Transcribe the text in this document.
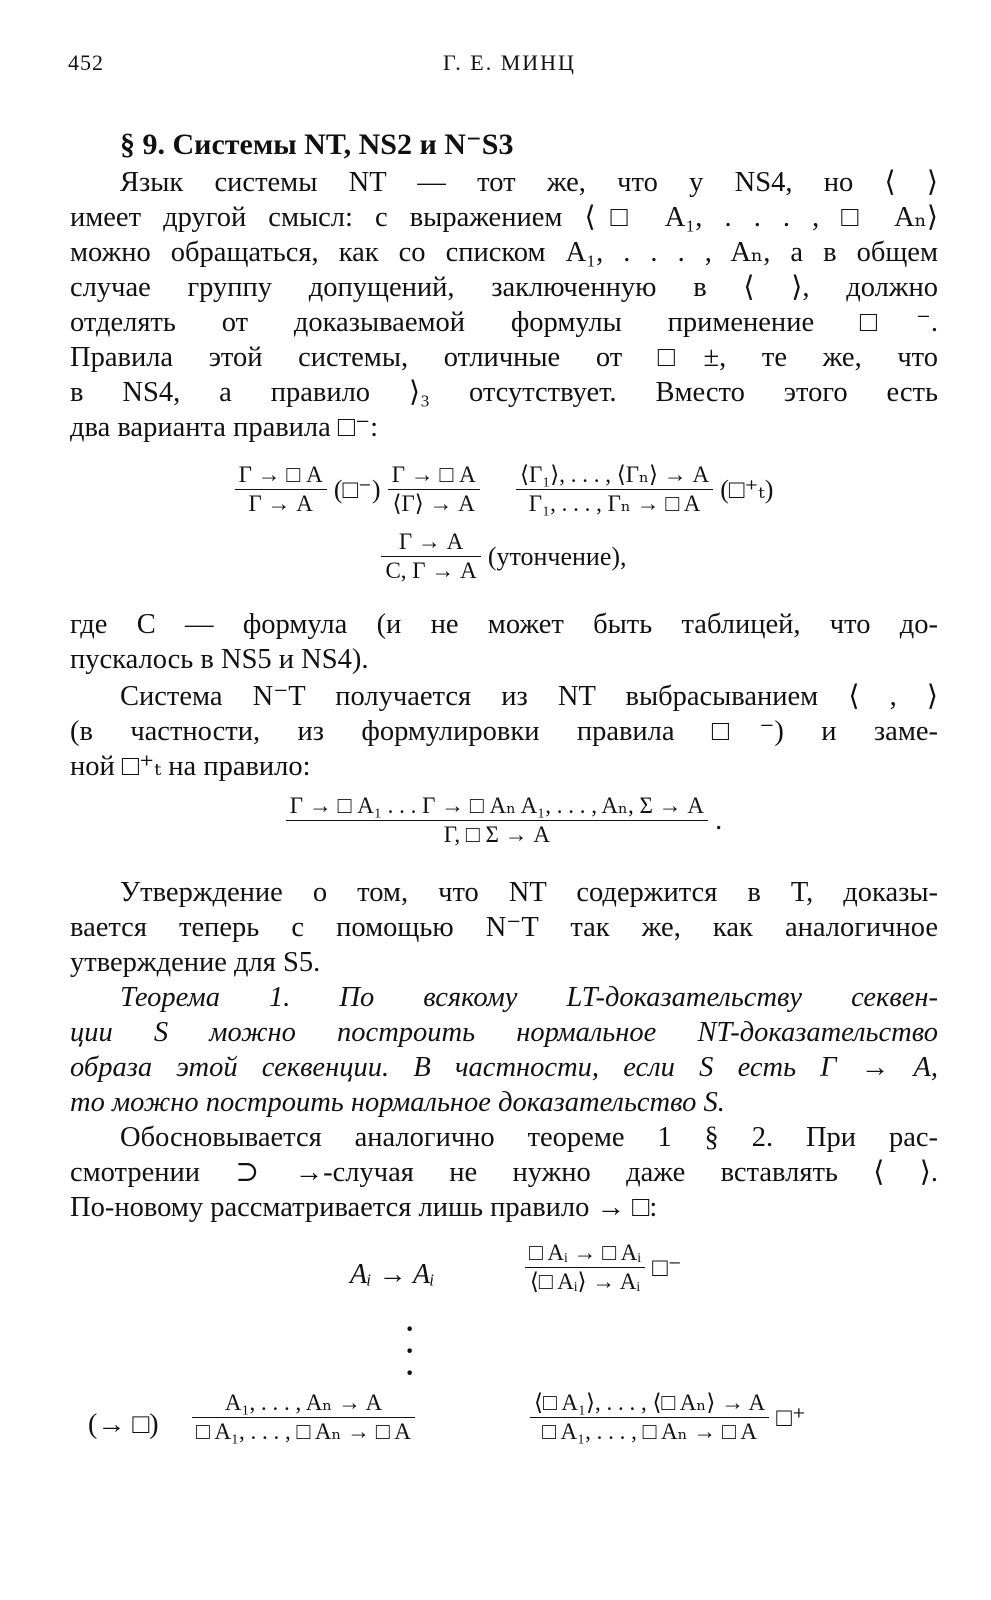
452	Г. Е. МИНЦ
§ 9. Системы NT, NS2 и N⁻S3
Язык системы NT — тот же, что у NS4, но ⟨ ⟩
имеет другой смысл: с выражением ⟨□ A₁, . . . , □ Aₙ⟩
можно обращаться, как со списком A₁, . . . , Aₙ, а в общем
случае группу допущений, заключенную в ⟨ ⟩, должно
отделять от доказываемой формулы применение □⁻.
Правила этой системы, отличные от □±, те же, что
в NS4, а правило ⟩₃ отсутствует. Вместо этого есть
два варианта правила □⁻:
$\frac{\Gamma \to □ A}{\Gamma \to A}$ (□⁻) $\frac{\Gamma \to □ A}{⟨\Gamma⟩ \to A}$
$\frac{\text{⟨Γ₁⟩, . . . , ⟨Γₙ⟩ → A}}{\text{Γ₁, . . . , Γₙ → □ A}}$ (□⁺ₜ)
$\frac{\Gamma \to A}{C, \Gamma \to A}$ (утончение),
где C — формула (и не может быть таблицей, что до-
пускалось в NS5 и NS4).
Система N⁻T получается из NT выбрасыванием ⟨ , ⟩
(в частности, из формулировки правила □⁻) и заме-
ной □⁺ₜ на правило:
$\frac{\text{Γ → □ A₁ . . . Γ → □ Aₙ A₁, . . . , Aₙ, Σ → A}}{\Gamma, □ \Sigma \to A}$ .
Утверждение о том, что NT содержится в T, доказы-
вается теперь с помощью N⁻T так же, как аналогичное
утверждение для S5.
Теорема 1. По всякому LT-доказательству секвен-
ции S можно построить нормальное NT-доказательство
образа этой секвенции. В частности, если S есть Γ → A,
то можно построить нормальное доказательство S.
Обосновывается аналогично теореме 1 § 2. При рас-
смотрении ⊃ →-случая не нужно даже вставлять ⟨ ⟩.
По-новому рассматривается лишь правило → □:
Aᵢ → Aᵢ	$\frac{\text{□ Aᵢ → □ Aᵢ}}{\text{⟨□ Aᵢ⟩ → Aᵢ}}$ □⁻
·
·
·
(→ □) $\frac{\text{A₁, . . . , Aₙ → A}}{\text{□ A₁, . . . , □ Aₙ → □ A}}$	$\frac{\text{⟨□ A₁⟩, . . . , ⟨□ Aₙ⟩ → A}}{\text{□ A₁, . . . , □ Aₙ → □ A}}$ □⁺
